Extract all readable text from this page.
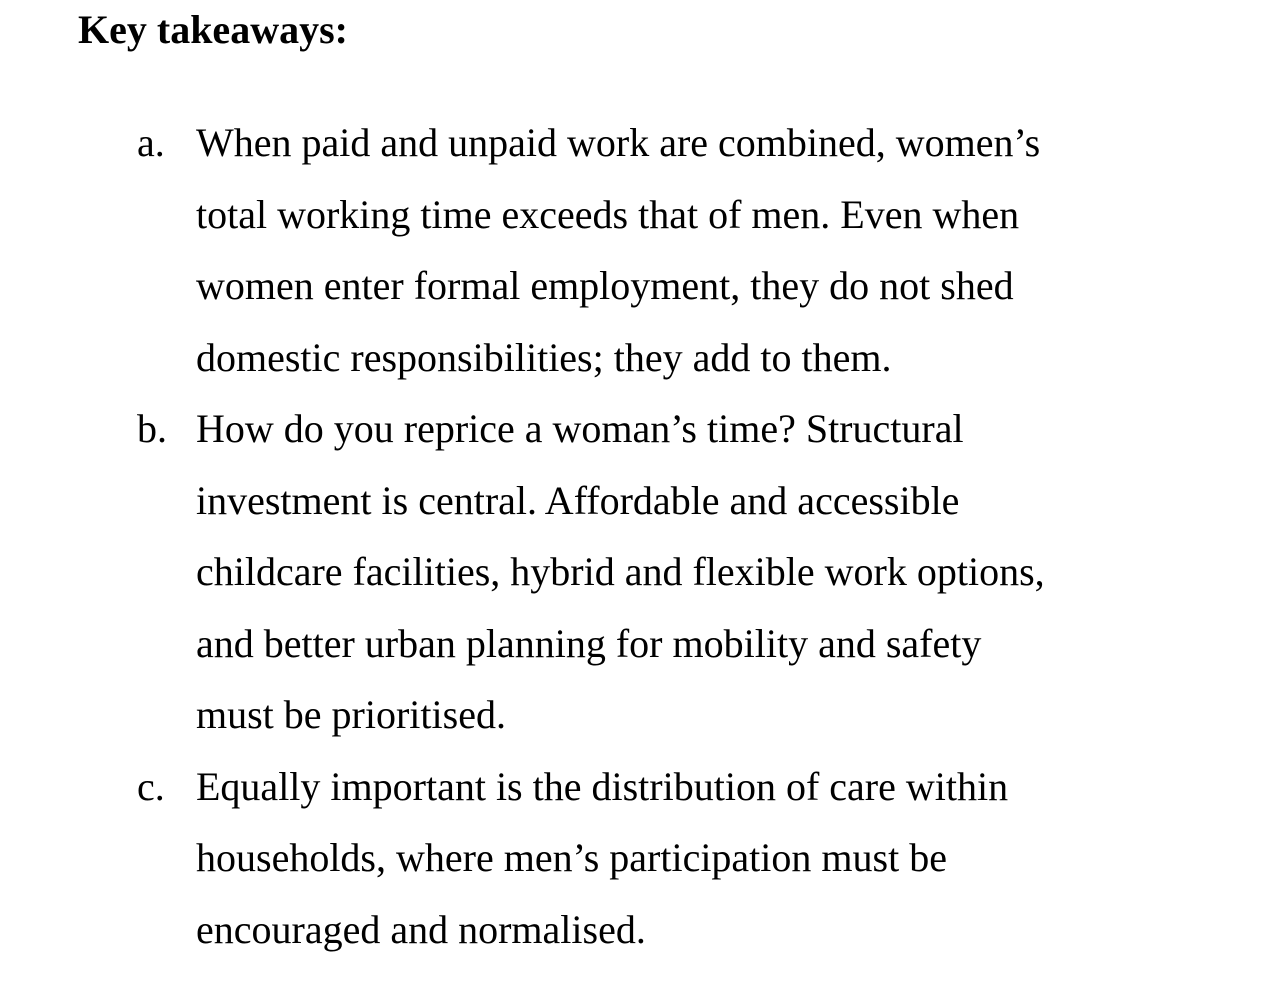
Key takeaways:
a. When paid and unpaid work are combined, women’s
total working time exceeds that of men. Even when
women enter formal employment, they do not shed
domestic responsibilities; they add to them.
b. How do you reprice a woman’s time? Structural
investment is central. Affordable and accessible
childcare facilities, hybrid and flexible work options,
and better urban planning for mobility and safety
must be prioritised.
c. Equally important is the distribution of care within
households, where men’s participation must be
encouraged and normalised.
